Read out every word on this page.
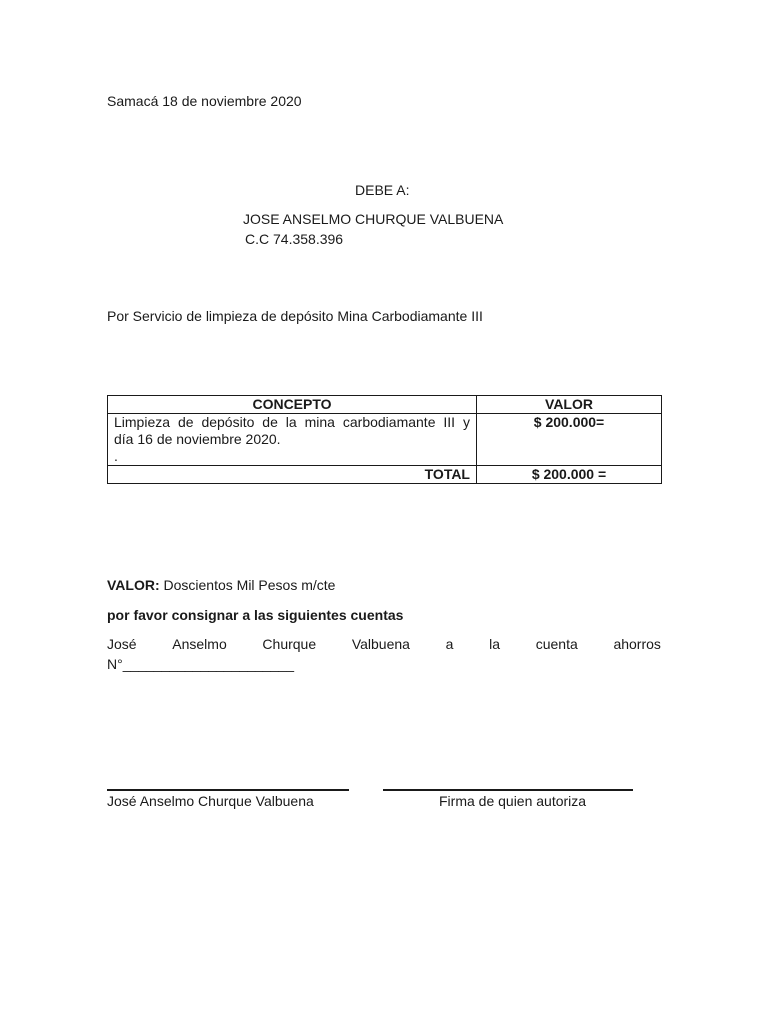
Samacá 18 de noviembre 2020
DEBE A:
JOSE ANSELMO CHURQUE VALBUENA
C.C 74.358.396
Por Servicio de limpieza de depósito Mina Carbodiamante III
CONCEPTO	VALOR

Limpieza de depósito de la mina carbodiamante III y
día 16 de noviembre 2020.
.	$ 200.000=
TOTAL	$ 200.000 =
VALOR: Doscientos Mil Pesos m/cte
por favor consignar a las siguientes cuentas
José	Anselmo	Churque	Valbuena	a	la	cuenta	ahorros
N°______________________
José Anselmo Churque Valbuena	Firma de quien autoriza
